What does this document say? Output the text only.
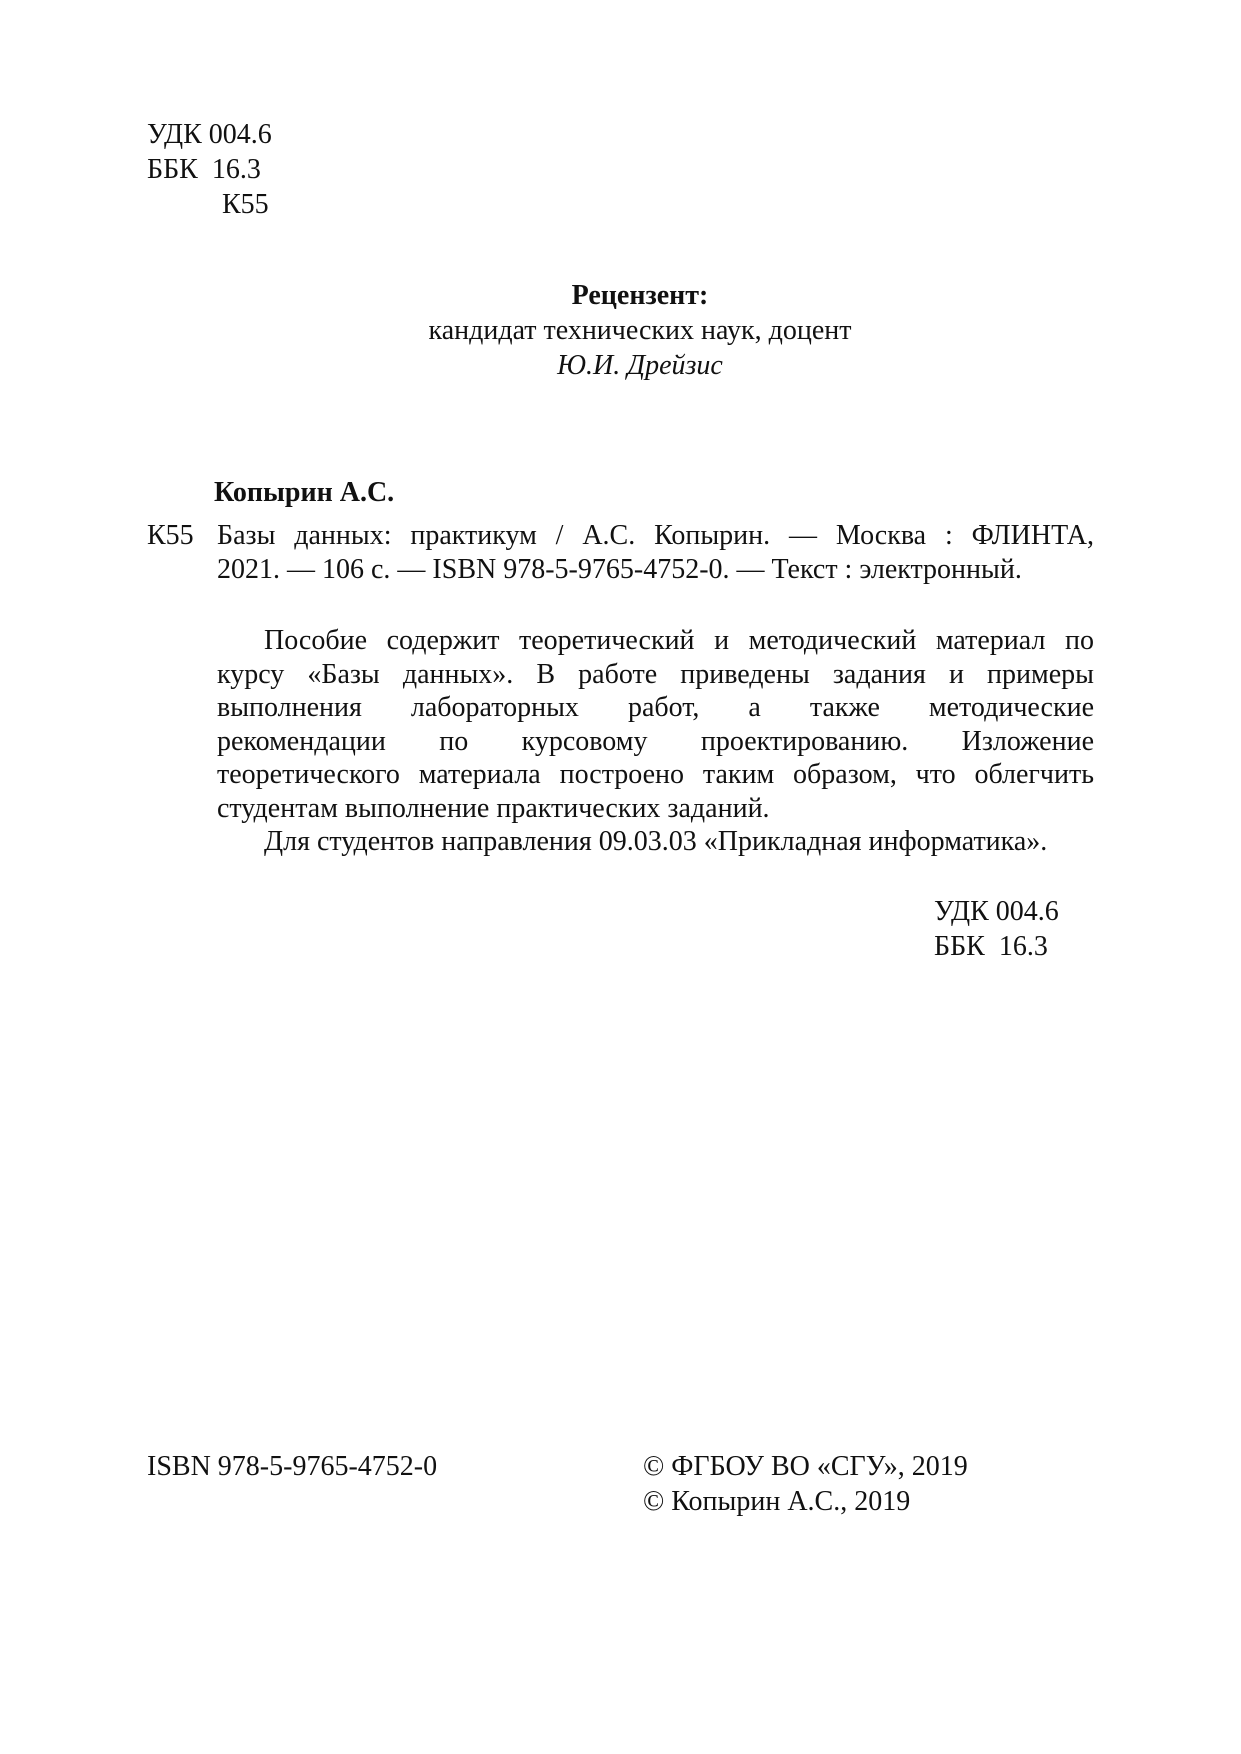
УДК 004.6
ББК 16.3
К55
Рецензент:
кандидат технических наук, доцент
Ю.И. Дрейзис
Копырин А.С.
К55 Базы данных: практикум / А.С. Копырин. — Москва : ФЛИНТА,
2021. — 106 с. — ISBN 978-5-9765-4752-0. — Текст : электронный.
Пособие содержит теоретический и методический материал по
курсу «Базы данных». В работе приведены задания и примеры
выполнения лабораторных работ, а также методические
рекомендации по курсовому проектированию. Изложение
теоретического материала построено таким образом, что облегчить
студентам выполнение практических заданий.
Для студентов направления 09.03.03 «Прикладная информатика».
УДК 004.6
ББК 16.3
ISBN 978-5-9765-4752-0	© ФГБОУ ВО «СГУ», 2019
© Копырин А.С., 2019
